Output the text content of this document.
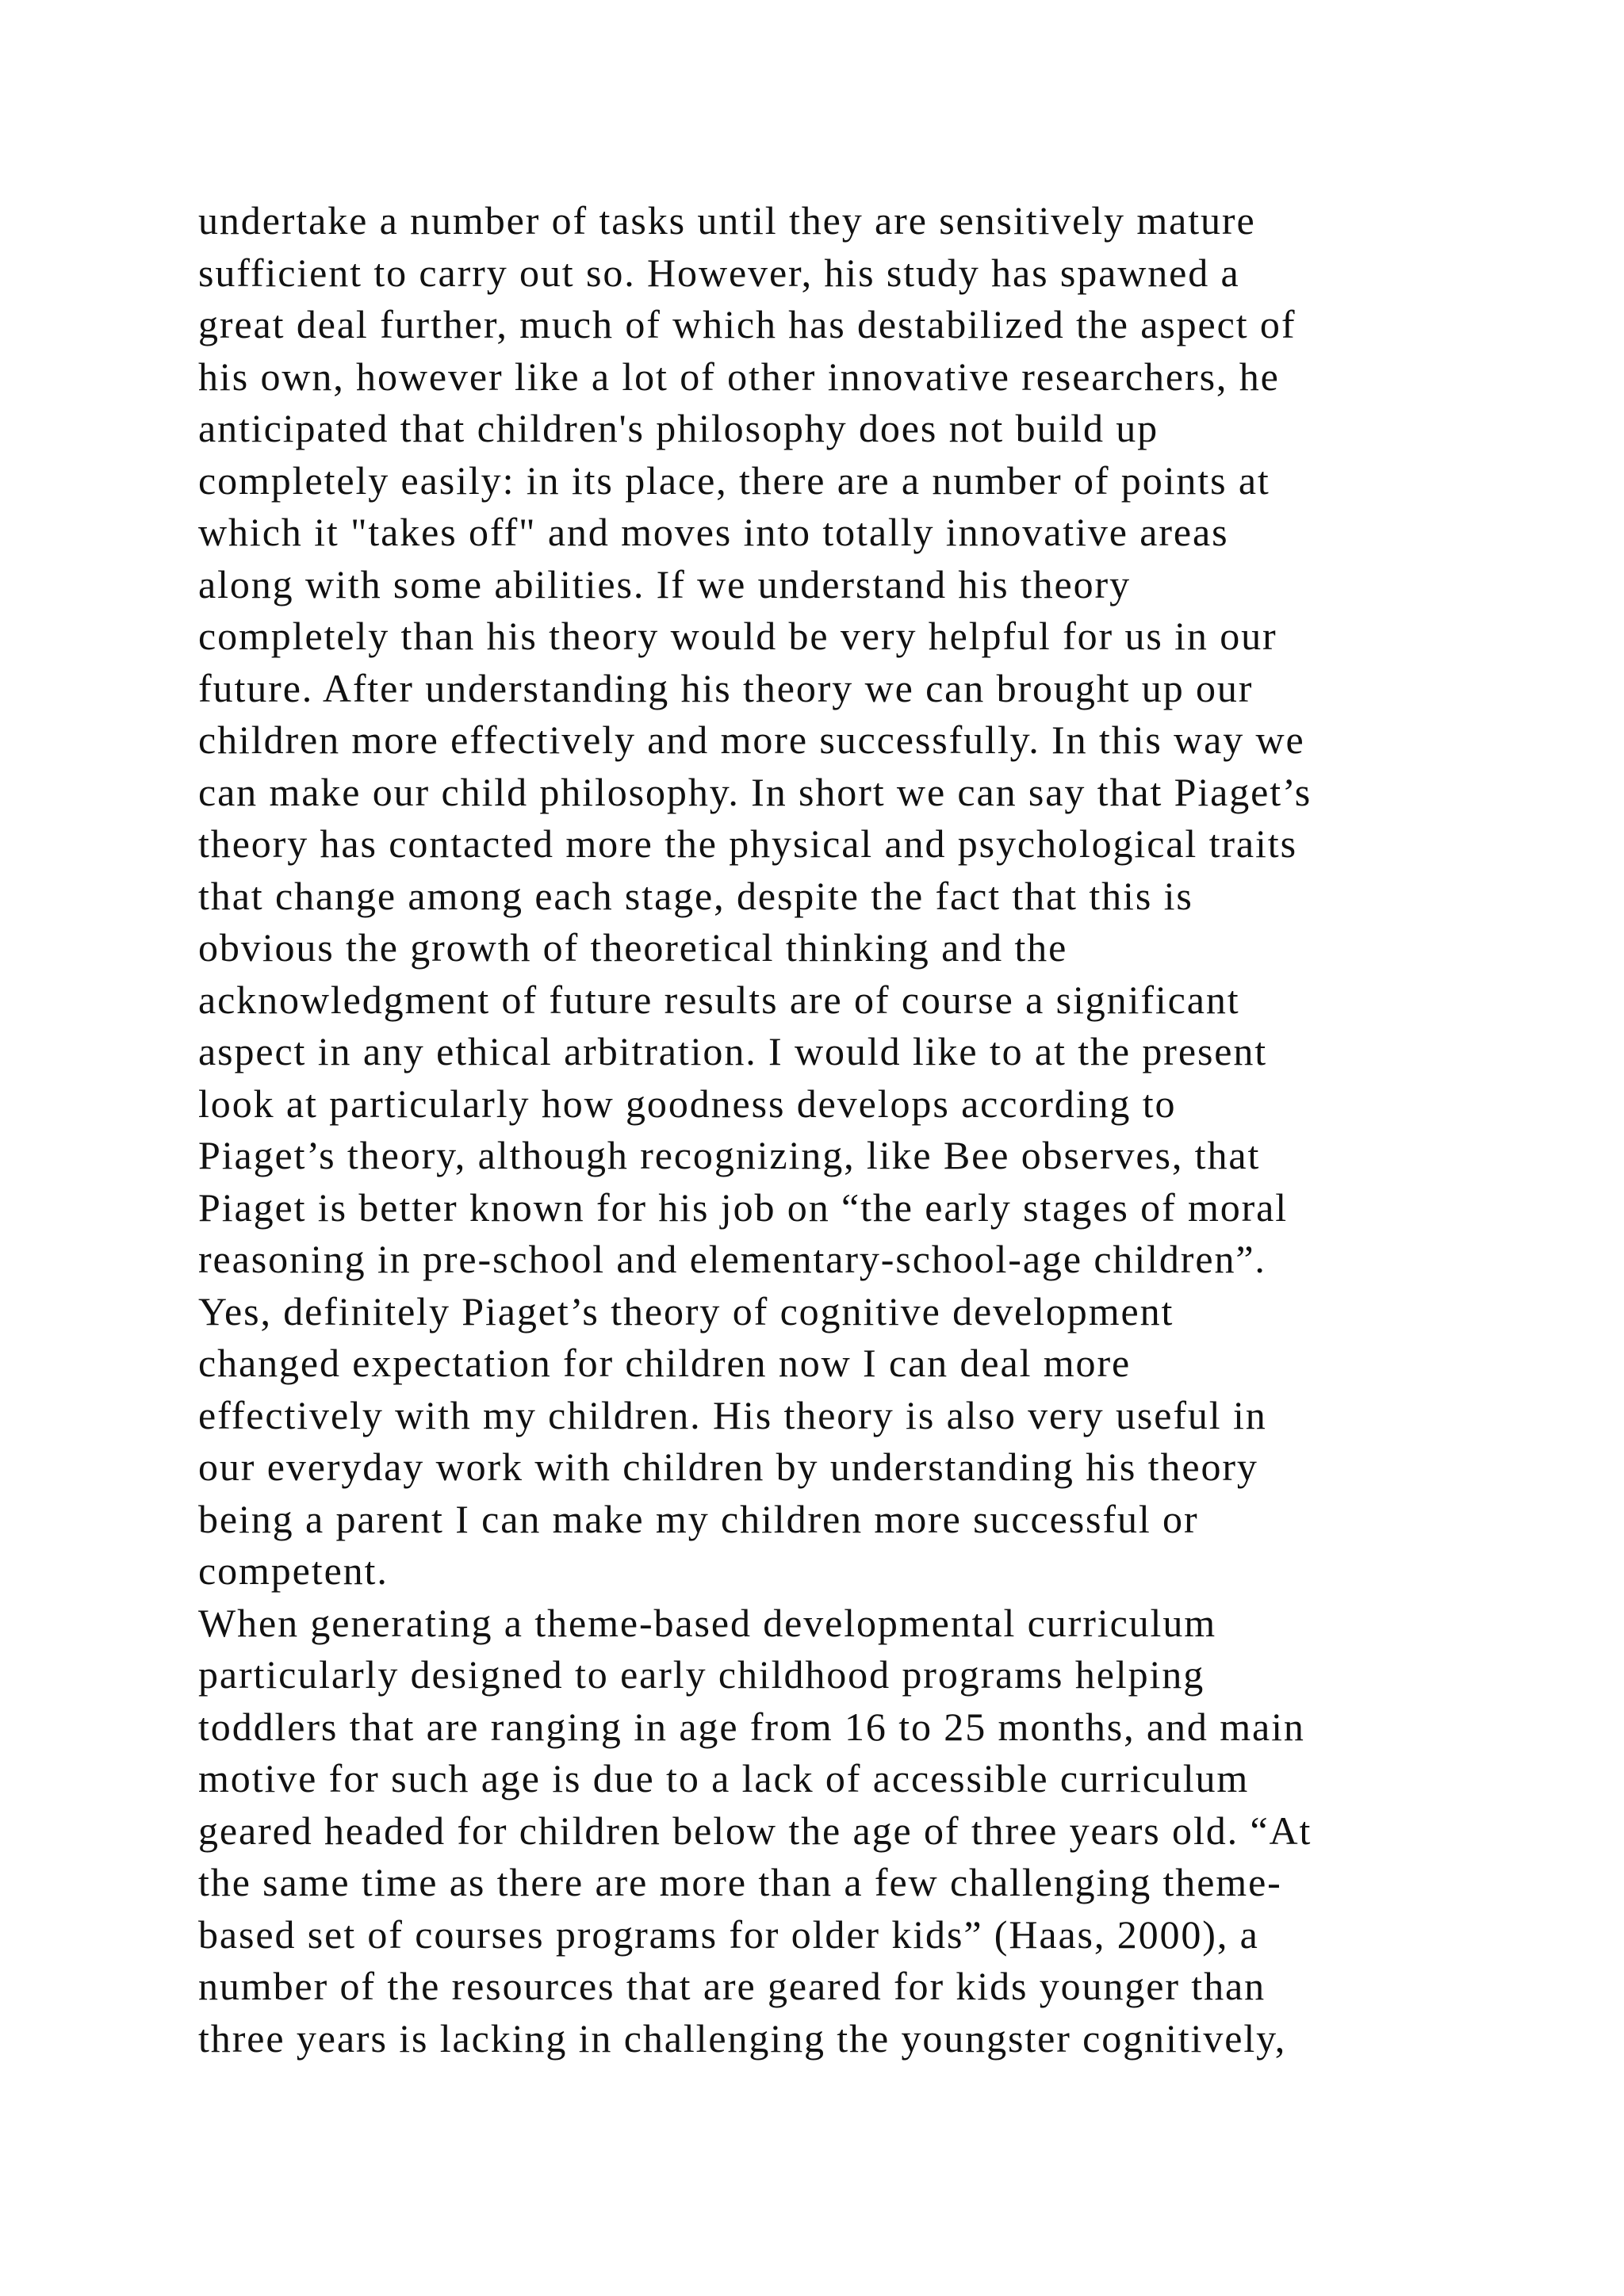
undertake a number of tasks until they are sensitively mature
sufficient to carry out so. However, his study has spawned a
great deal further, much of which has destabilized the aspect of
his own, however like a lot of other innovative researchers, he
anticipated that children's philosophy does not build up
completely easily: in its place, there are a number of points at
which it "takes off" and moves into totally innovative areas
along with some abilities. If we understand his theory
completely than his theory would be very helpful for us in our
future. After understanding his theory we can brought up our
children more effectively and more successfully. In this way we
can make our child philosophy. In short we can say that Piaget’s
theory has contacted more the physical and psychological traits
that change among each stage, despite the fact that this is
obvious the growth of theoretical thinking and the
acknowledgment of future results are of course a significant
aspect in any ethical arbitration. I would like to at the present
look at particularly how goodness develops according to
Piaget’s theory, although recognizing, like Bee observes, that
Piaget is better known for his job on “the early stages of moral
reasoning in pre-school and elementary-school-age children”.
Yes, definitely Piaget’s theory of cognitive development
changed expectation for children now I can deal more
effectively with my children. His theory is also very useful in
our everyday work with children by understanding his theory
being a parent I can make my children more successful or
competent.
When generating a theme-based developmental curriculum
particularly designed to early childhood programs helping
toddlers that are ranging in age from 16 to 25 months, and main
motive for such age is due to a lack of accessible curriculum
geared headed for children below the age of three years old. “At
the same time as there are more than a few challenging theme-
based set of courses programs for older kids” (Haas, 2000), a
number of the resources that are geared for kids younger than
three years is lacking in challenging the youngster cognitively,
